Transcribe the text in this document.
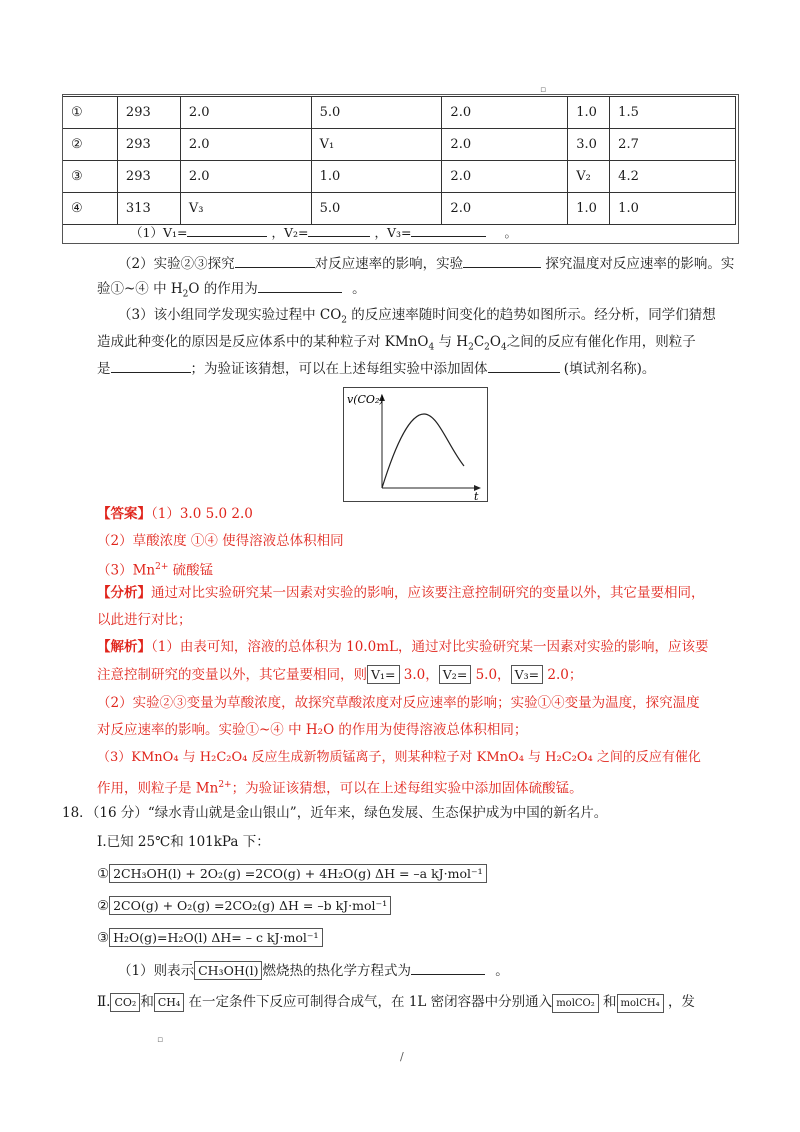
▫
①	293	2.0	5.0	2.0	1.0	1.5
②	293	2.0	V₁	2.0	3.0	2.7
③	293	2.0	1.0	2.0	V₂	4.2
④	313	V₃	5.0	2.0	1.0	1.0
（1）V₁=	，V₂=	，V₃=	。
（2）实验②③探究	对反应速率的影响，实验	探究温度对反应速率的影响。实
验①~④ 中 $H_2O$ 的作用为	。
（3）该小组同学发现实验过程中 $CO_2$ 的反应速率随时间变化的趋势如图所示。经分析，同学们猜想
造成此种变化的原因是反应体系中的某种粒子对 KMnO$_4$ 与 $H_2C_2O_4$之间的反应有催化作用，则粒子
是	；为验证该猜想，可以在上述每组实验中添加固体	(填试剂名称)。
v(CO₂)
t
【答案】（1）3.0 5.0 2.0
（2）草酸浓度 ①④ 使得溶液总体积相同
$(3)Mn^{2+}$ 硫酸锰
【分析】通过对比实验研究某一因素对实验的影响，应该要注意控制研究的变量以外，其它量要相同，
以此进行对比；
【解析】（1）由表可知，溶液的总体积为 10.0mL，通过对比实验研究某一因素对实验的影响，应该要
注意控制研究的变量以外，其它量要相同，则 V₁= 3.0， V₂= 5.0， V₃= 2.0；
（2）实验②③变量为草酸浓度，故探究草酸浓度对反应速率的影响；实验①④变量为温度，探究温度
对反应速率的影响。实验①~④ 中 H₂O 的作用为使得溶液总体积相同；
（3）KMnO₄ 与 H₂C₂O₄ 反应生成新物质锰离子，则某种粒子对 KMnO₄ 与 H₂C₂O₄ 之间的反应有催化
作用，则粒子是 $Mn^{2+}$；为验证该猜想，可以在上述每组实验中添加固体硫酸锰。
18．（16 分）“绿水青山就是金山银山”，近年来，绿色发展、生态保护成为中国的新名片。
Ⅰ.已知 25℃和 101kPa 下：
① 2CH₃OH(l) + 2O₂(g) =2CO(g) + 4H₂O(g) ΔH = –a kJ·mol⁻¹
② 2CO(g) + O₂(g) =2CO₂(g) ΔH = –b kJ·mol⁻¹
③ H₂O(g)=H₂O(l) ΔH= – c kJ·mol⁻¹
（1）则表示 CH₃OH(l) 燃烧热的热化学方程式为	。
Ⅱ. CO₂ 和 CH₄ 在一定条件下反应可制得合成气，在 1L 密闭容器中分别通入 molCO₂ 和 molCH₄ ，发
▫
/
